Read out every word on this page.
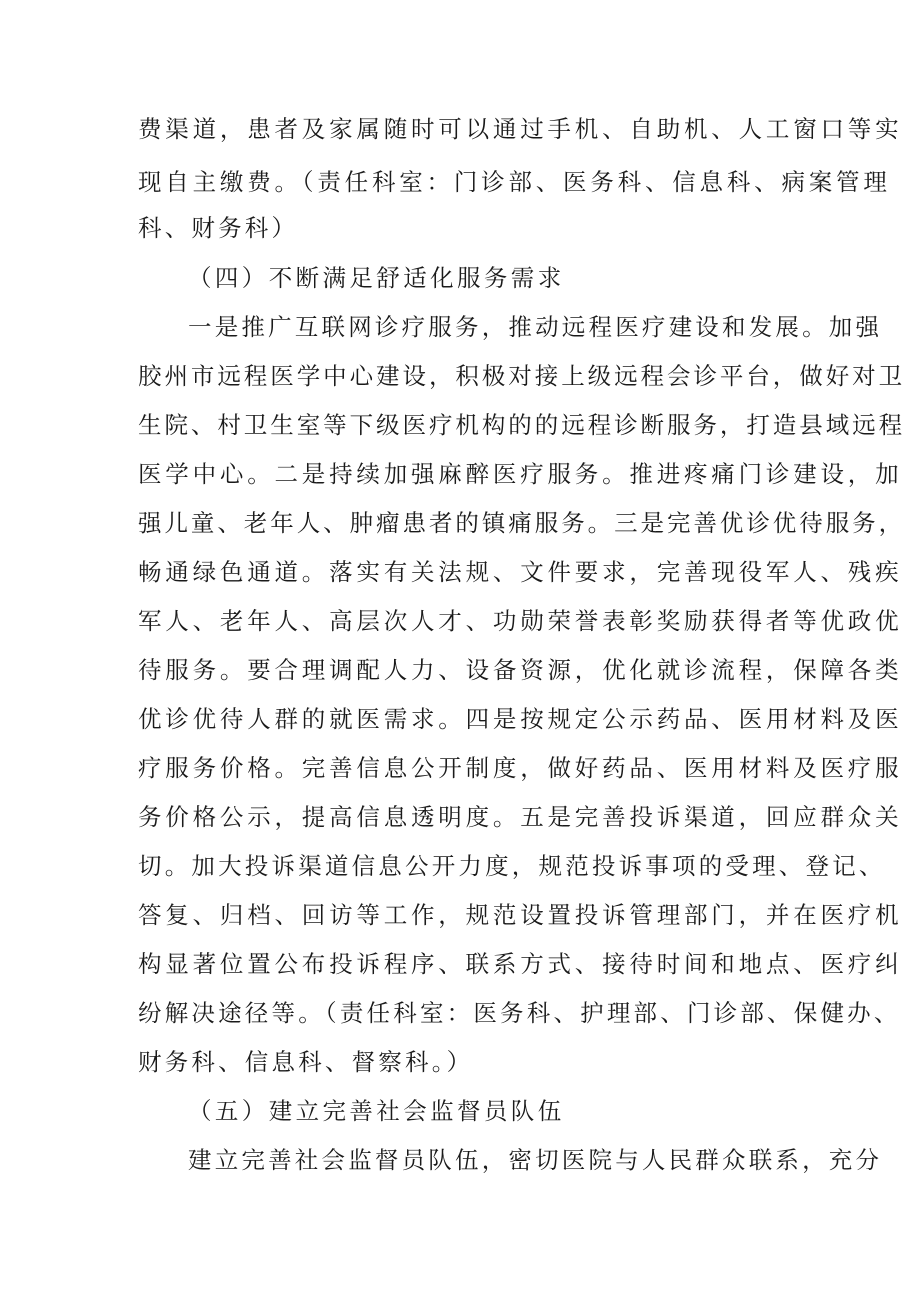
费渠道，患者及家属随时可以通过手机、自助机、人工窗口等实
现自主缴费。（责任科室：门诊部、医务科、信息科、病案管理
科、财务科）
（四）不断满足舒适化服务需求
一是推广互联网诊疗服务，推动远程医疗建设和发展。加强
胶州市远程医学中心建设，积极对接上级远程会诊平台，做好对卫
生院、村卫生室等下级医疗机构的的远程诊断服务，打造县域远程
医学中心。二是持续加强麻醉医疗服务。推进疼痛门诊建设，加
强儿童、老年人、肿瘤患者的镇痛服务。三是完善优诊优待服务，
畅通绿色通道。落实有关法规、文件要求，完善现役军人、残疾
军人、老年人、高层次人才、功勋荣誉表彰奖励获得者等优政优
待服务。要合理调配人力、设备资源，优化就诊流程，保障各类
优诊优待人群的就医需求。四是按规定公示药品、医用材料及医
疗服务价格。完善信息公开制度，做好药品、医用材料及医疗服
务价格公示，提高信息透明度。五是完善投诉渠道，回应群众关
切。加大投诉渠道信息公开力度，规范投诉事项的受理、登记、
答复、归档、回访等工作，规范设置投诉管理部门，并在医疗机
构显著位置公布投诉程序、联系方式、接待时间和地点、医疗纠
纷解决途径等。（责任科室：医务科、护理部、门诊部、保健办、
财务科、信息科、督察科。）
（五）建立完善社会监督员队伍
建立完善社会监督员队伍，密切医院与人民群众联系，充分
